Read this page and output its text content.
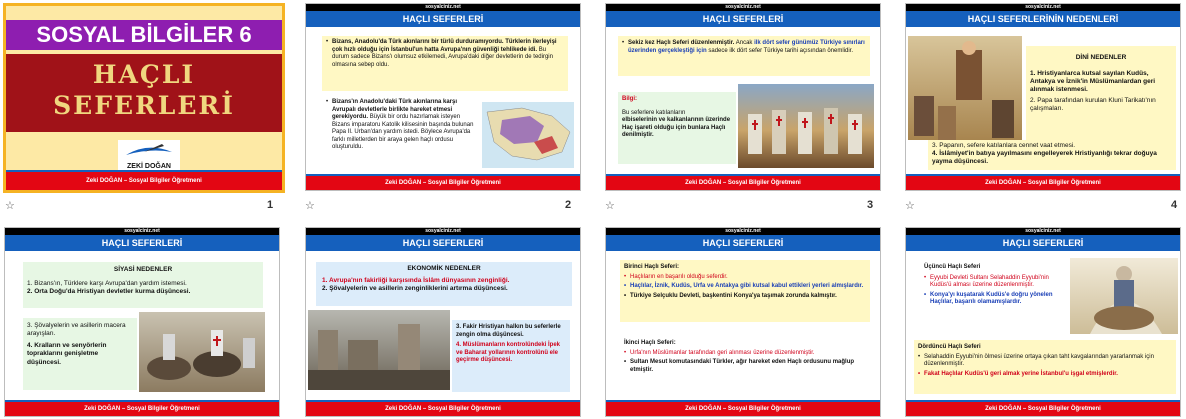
SOSYAL BİLGİLER 6
HAÇLI
SEFERLERİ
ZEKİ DOĞAN
Zeki DOĞAN – Sosyal Bilgiler Öğretmeni
☆	1
sosyalciniz.net
HAÇLI SEFERLERİ
• Bizans, Anadolu'da Türk akınlarını bir türlü durduramıyordu. Türklerin ilerleyişi çok hızlı olduğu için İstanbul'un hatta Avrupa'nın güvenliği tehlikede idi. Bu durum sadece Bizans'ı olumsuz etkilemedi, Avrupa'daki diğer devletlerin de tedirgin olmasına sebep oldu.
• Bizans'ın Anadolu'daki Türk akınlarına karşı Avrupalı devletlerle birlikte hareket etmesi gerekiyordu. Büyük bir ordu hazırlamak isteyen Bizans imparatoru Katolik kilisesinin başında bulunan Papa II. Urban'dan yardım istedi. Böylece Avrupa'da farklı milletlerden bir araya gelen haçlı ordusu oluşturuldu.
Zeki DOĞAN – Sosyal Bilgiler Öğretmeni
☆	2
sosyalciniz.net
HAÇLI SEFERLERİ
• Sekiz kez Haçlı Seferi düzenlenmiştir. Ancak ilk dört sefer günümüz Türkiye sınırları üzerinden gerçekleştiği için sadece ilk dört sefer Türkiye tarihi açısından önemlidir.
Bilgi:
Bu seferlere katılanların
elbiselerinin ve kalkanlarının üzerinde Haç işareti olduğu için bunlara Haçlı denilmiştir.
Zeki DOĞAN – Sosyal Bilgiler Öğretmeni
☆	3
sosyalciniz.net
HAÇLI SEFERLERİNİN NEDENLERİ
DİNİ NEDENLER
1. Hristiyanlarca kutsal sayılan Kudüs, Antakya ve İznik'in Müslümanlardan geri alınmak istenmesi.
2. Papa tarafından kurulan Kluni Tarikatı'nın çalışmaları.
3. Papanın, sefere katılanlara cennet vaat etmesi.
4. İslâmiyet'in batıya yayılmasını engelleyerek Hristiyanlığı tekrar doğuya yayma düşüncesi.
Zeki DOĞAN – Sosyal Bilgiler Öğretmeni
☆	4
sosyalciniz.net
HAÇLI SEFERLERİ
SİYASİ NEDENLER
1. Bizans'ın, Türklere karşı Avrupa'dan yardım istemesi.
2. Orta Doğu'da Hristiyan devletler kurma düşüncesi.
3. Şövalyelerin ve asillerin macera arayışları.
4. Kralların ve senyörlerin topraklarını genişletme düşüncesi.
Zeki DOĞAN – Sosyal Bilgiler Öğretmeni
sosyalciniz.net
HAÇLI SEFERLERİ
EKONOMİK NEDENLER
1. Avrupa'nın fakirliği karşısında İslâm dünyasının zenginliği.
2. Şövalyelerin ve asillerin zenginliklerini artırma düşüncesi.
3. Fakir Hristiyan halkın bu seferlerle zengin olma düşüncesi.
4. Müslümanların kontrolündeki İpek ve Baharat yollarının kontrolünü ele geçirme düşüncesi.
Zeki DOĞAN – Sosyal Bilgiler Öğretmeni
sosyalciniz.net
HAÇLI SEFERLERİ
Birinci Haçlı Seferi:
• Haçlıların en başarılı olduğu seferdir.
• Haçlılar, İznik, Kudüs, Urfa ve Antakya gibi kutsal kabul ettikleri yerleri almışlardır.
• Türkiye Selçuklu Devleti, başkentini Konya'ya taşımak zorunda kalmıştır.
İkinci Haçlı Seferi:
• Urfa'nın Müslümanlar tarafından geri alınması üzerine düzenlenmiştir.
• Sultan Mesut komutasındaki Türkler, ağır hareket eden Haçlı ordusunu mağlup etmiştir.
Zeki DOĞAN – Sosyal Bilgiler Öğretmeni
sosyalciniz.net
HAÇLI SEFERLERİ
Üçüncü Haçlı Seferi
• Eyyubi Devleti Sultanı Selahaddin Eyyubi'nin Kudüs'ü alması üzerine düzenlenmiştir.
• Konya'yı kuşatarak Kudüs'e doğru yönelen Haçlılar, başarılı olamamışlardır.
Dördüncü Haçlı Seferi
• Selahaddin Eyyubi'nin ölmesi üzerine ortaya çıkan taht kavgalarından yararlanmak için düzenlenmiştir.
• Fakat Haçlılar Kudüs'ü geri almak yerine İstanbul'u işgal etmişlerdir.
Zeki DOĞAN – Sosyal Bilgiler Öğretmeni
